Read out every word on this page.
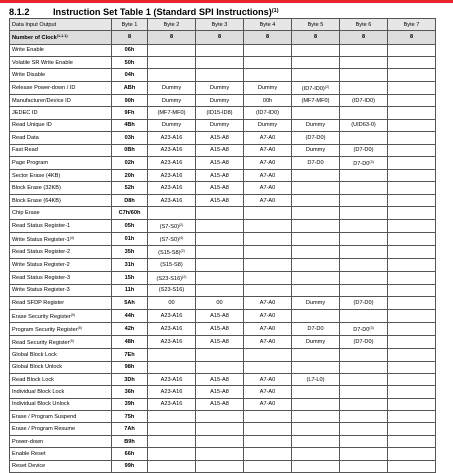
8.1.2	Instruction Set Table 1 (Standard SPI Instructions)$^{(1)}$
Data Input Output	Byte 1	Byte 2	Byte 3	Byte 4	Byte 5	Byte 6	Byte 7
Number of Clock$^{(1-1-1)}$	8	8	8	8	8	8	8
Write Enable	06h						
Volatile SR Write Enable	50h						
Write Disable	04h						
Release Power-down / ID	ABh	Dummy	Dummy	Dummy	$(ID7-ID0)^{(2)}$		
Manufacturer/Device ID	90h	Dummy	Dummy	00h	(MF7-MF0)	(ID7-ID0)	
JEDEC ID	9Fh	(MF7-MF0)	(ID15-ID8)	(ID7-ID0)			
Read Unique ID	4Bh	Dummy	Dummy	Dummy	Dummy	(UID63-0)	
Read Data	03h	A23-A16	A15-A8	A7-A0	(D7-D0)		
Fast Read	0Bh	A23-A16	A15-A8	A7-A0	Dummy	(D7-D0)	
Page Program	02h	A23-A16	A15-A8	A7-A0	D7-D0	D7-D0$^{(3)}$	
Sector Erase (4KB)	20h	A23-A16	A15-A8	A7-A0			
Block Erase (32KB)	52h	A23-A16	A15-A8	A7-A0			
Block Erase (64KB)	D8h	A23-A16	A15-A8	A7-A0			
Chip Erase	C7h/60h						
Read Status Register-1	05h	$(S7-S0)^{(2)}$					
Write Status Register-1$^{(4)}$	01h	$(S7-S0)^{(4)}$					
Read Status Register-2	35h	$(S15-S8)^{(2)}$					
Write Status Register-2	31h	(S15-S8)					
Read Status Register-3	15h	$(S23-S16)^{(2)}$					
Write Status Register-3	11h	(S23-S16)					
Read SFDP Register	5Ah	00	00	A7-A0	Dummy	(D7-D0)	
Erase Security Register$^{(5)}$	44h	A23-A16	A15-A8	A7-A0			
Program Security Register$^{(5)}$	42h	A23-A16	A15-A8	A7-A0	D7-D0	D7-D0$^{(3)}$	
Read Security Register$^{(5)}$	48h	A23-A16	A15-A8	A7-A0	Dummy	(D7-D0)	
Global Block Lock	7Eh						
Global Block Unlock	98h						
Read Block Lock	3Dh	A23-A16	A15-A8	A7-A0	(L7-L0)		
Individual Block Lock	36h	A23-A16	A15-A8	A7-A0			
Individual Block Unlock	39h	A23-A16	A15-A8	A7-A0			
Erase / Program Suspend	75h						
Erase / Program Resume	7Ah						
Power-down	B9h						
Enable Reset	66h						
Reset Device	99h						
